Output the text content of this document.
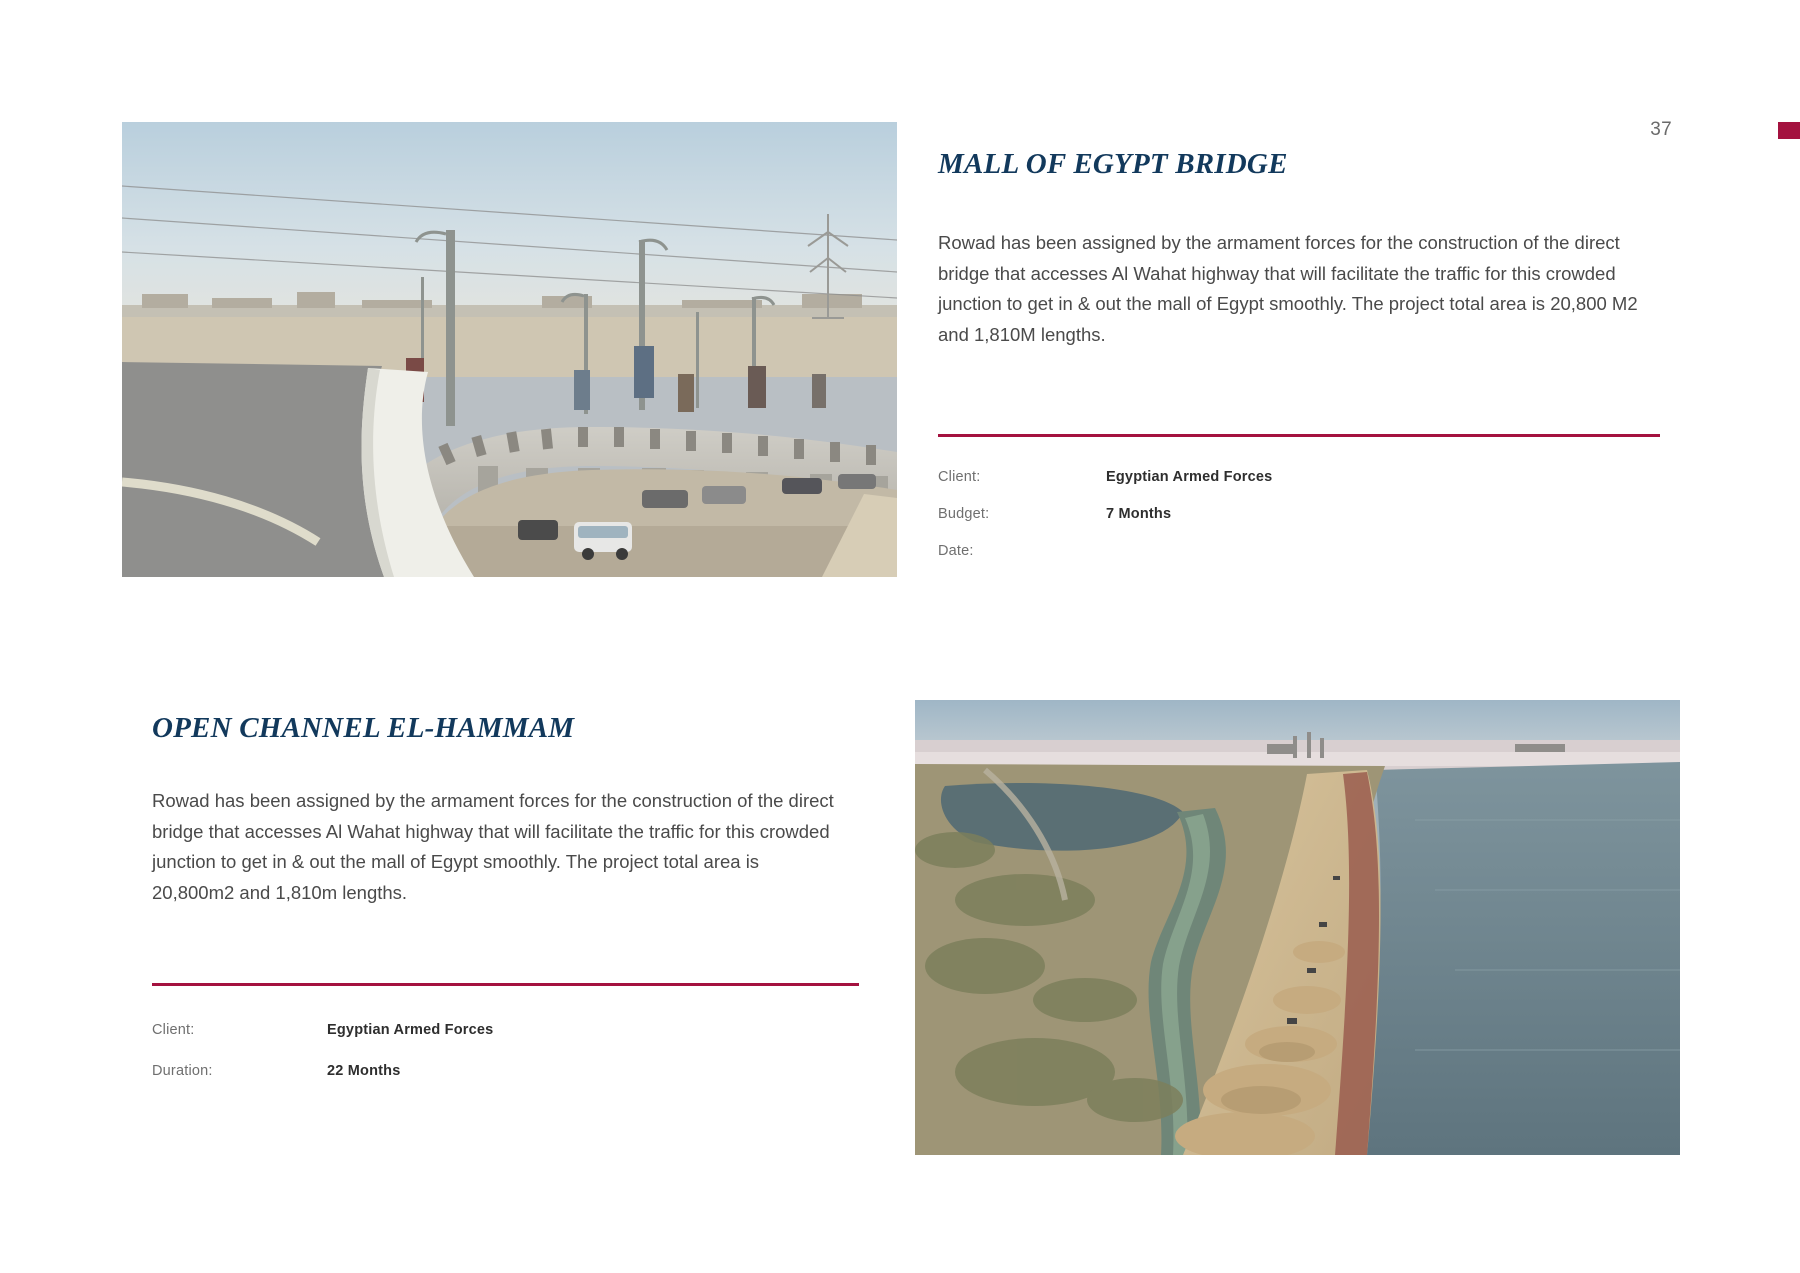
37
MALL OF EGYPT BRIDGE

Rowad has been assigned by the armament forces for the construction of the direct bridge that accesses Al Wahat highway that will facilitate the traffic for this crowded junction to get in & out the mall of Egypt smoothly. The project total area is 20,800 M2 and 1,810M lengths.

Client:	Egyptian Armed Forces
Budget:	7 Months
Date:
OPEN CHANNEL EL-HAMMAM

Rowad has been assigned by the armament forces for the construction of the direct bridge that accesses Al Wahat highway that will facilitate the traffic for this crowded junction to get in & out the mall of Egypt smoothly. The project total area is 20,800m2 and 1,810m lengths.

Client:	Egyptian Armed Forces
Duration:	22 Months
